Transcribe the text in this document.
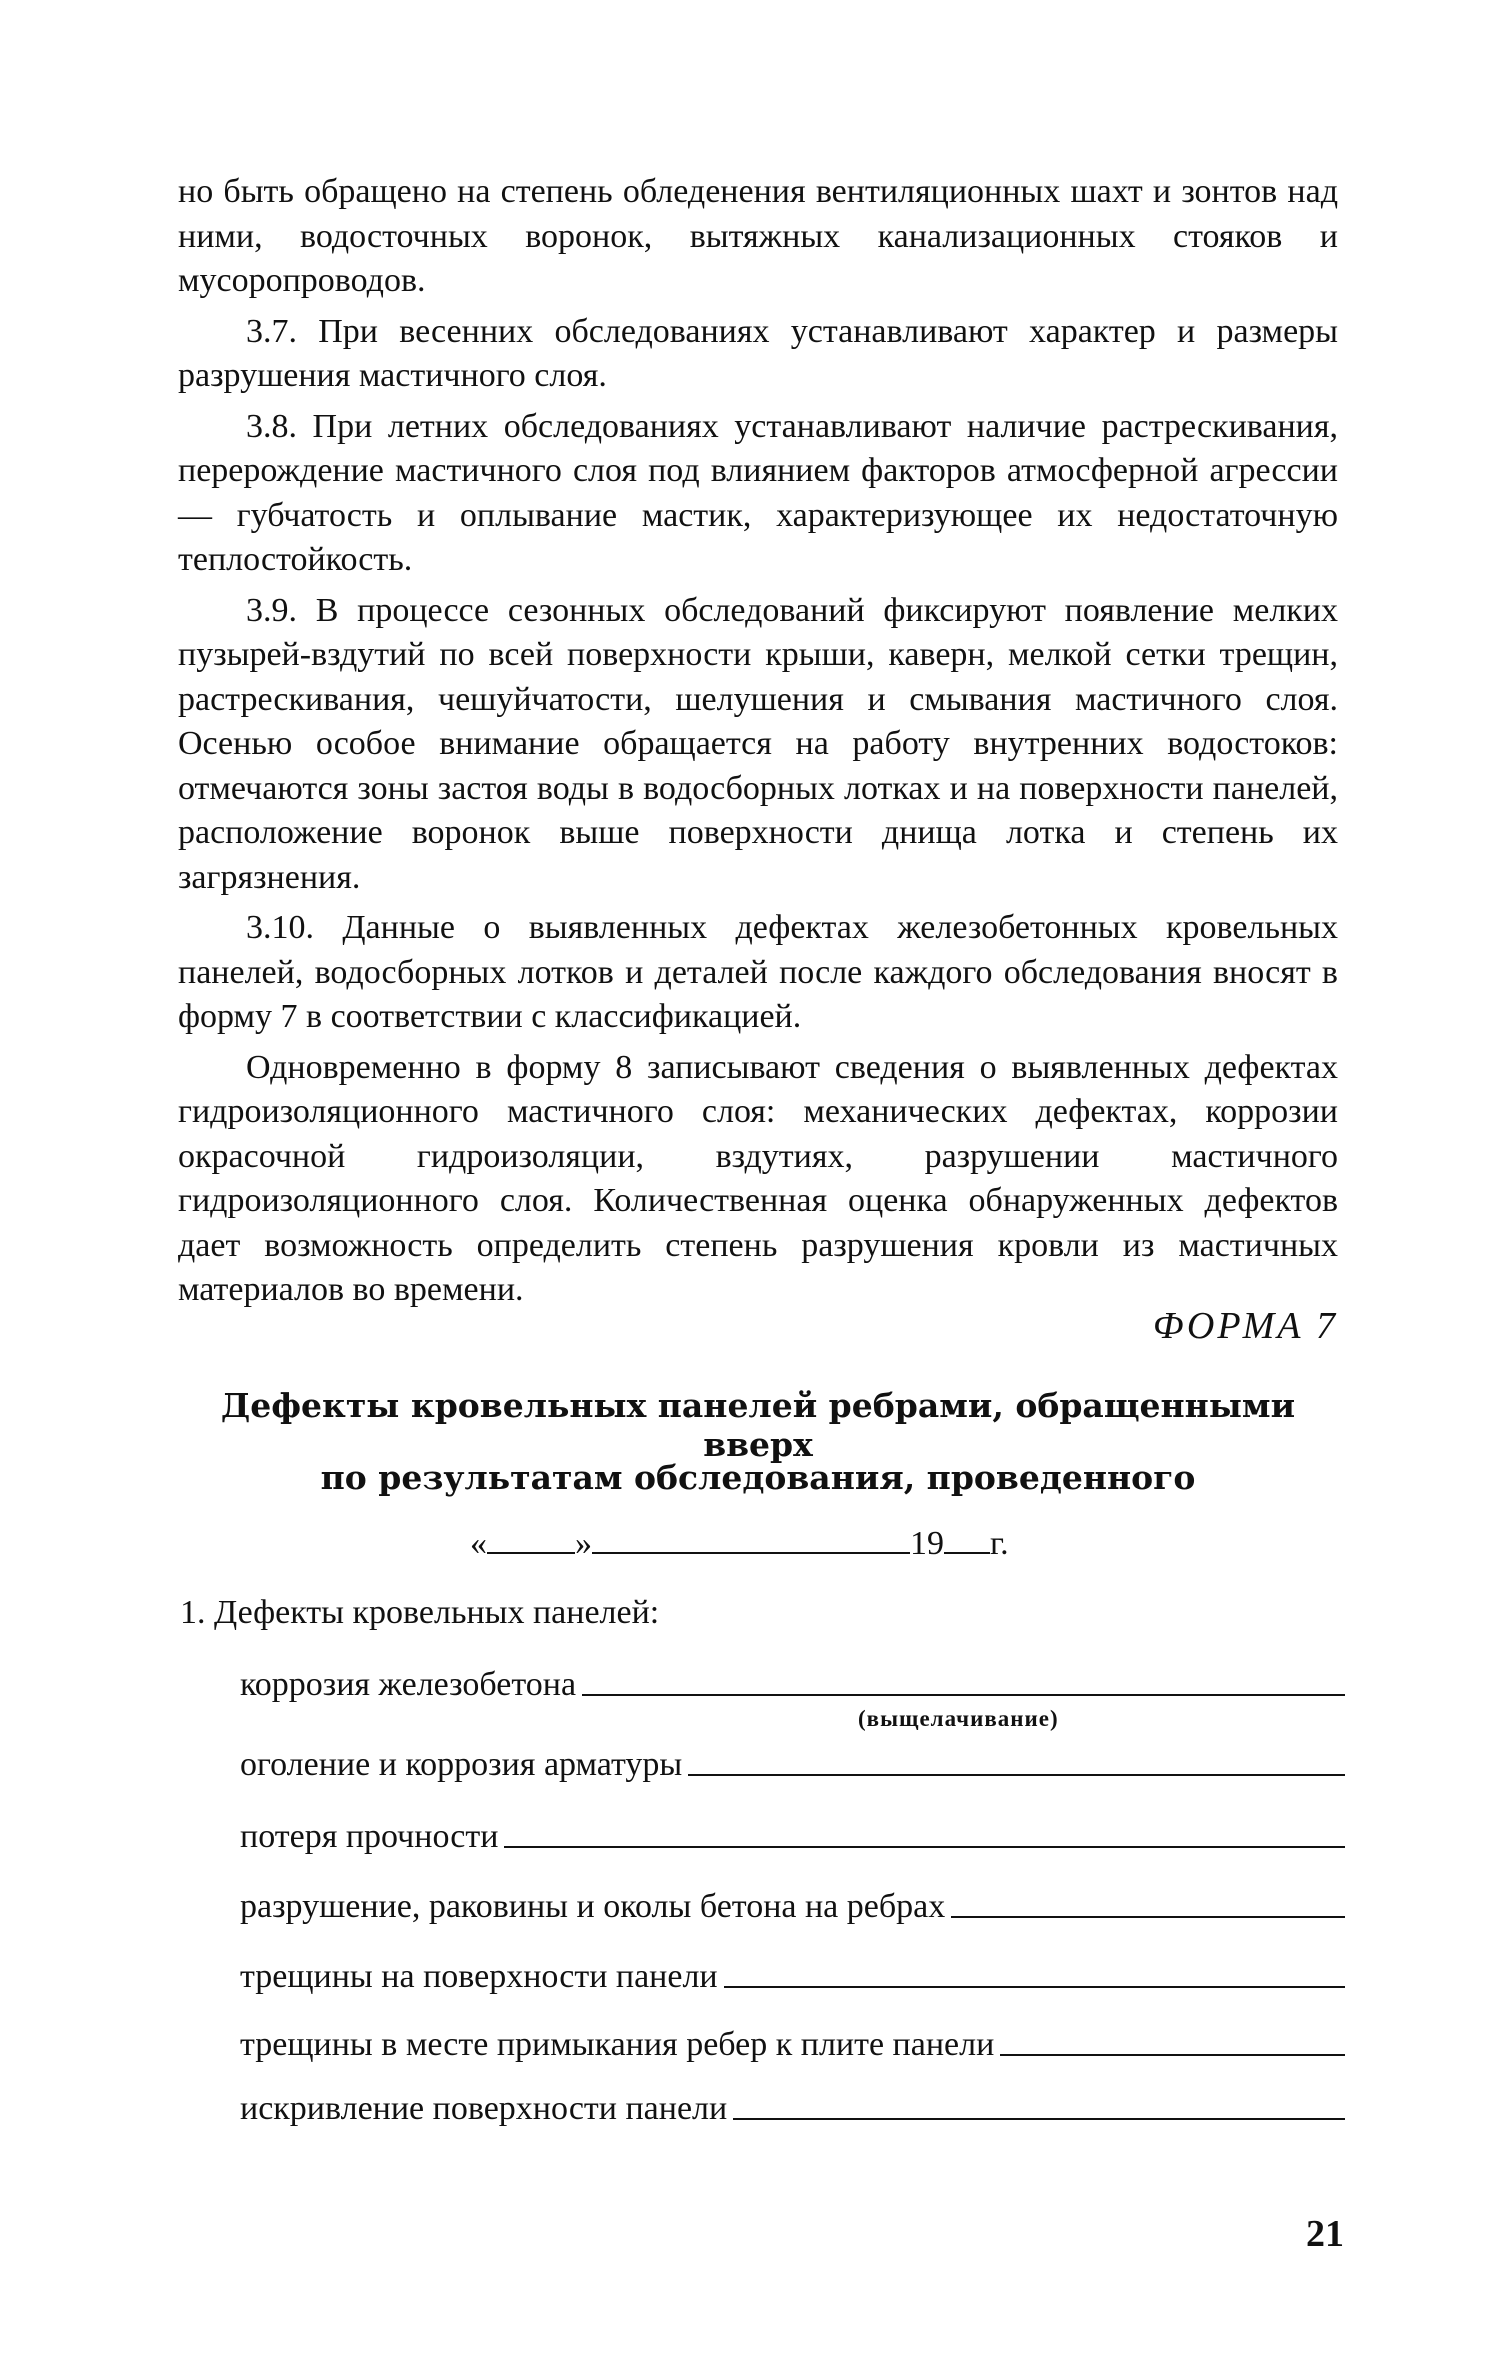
но быть обращено на степень обледенения вентиляционных шахт и зонтов над ними, водосточных воронок, вытяжных канализационных стояков и мусоропроводов.

3.7. При весенних обследованиях устанавливают характер и размеры разрушения мастичного слоя.

3.8. При летних обследованиях устанавливают наличие растрескивания, перерождение мастичного слоя под влиянием факторов атмосферной агрессии — губчатость и оплывание мастик, характеризующее их недостаточную теплостойкость.

3.9. В процессе сезонных обследований фиксируют появление мелких пузырей-вздутий по всей поверхности крыши, каверн, мелкой сетки трещин, растрескивания, чешуйчатости, шелушения и смывания мастичного слоя. Осенью особое внимание обращается на работу внутренних водостоков: отмечаются зоны застоя воды в водосборных лотках и на поверхности панелей, расположение воронок выше поверхности днища лотка и степень их загрязнения.

3.10. Данные о выявленных дефектах железобетонных кровельных панелей, водосборных лотков и деталей после каждого обследования вносят в форму 7 в соответствии с классификацией.

Одновременно в форму 8 записывают сведения о выявленных дефектах гидроизоляционного мастичного слоя: механических дефектах, коррозии окрасочной гидроизоляции, вздутиях, разрушении мастичного гидроизоляционного слоя. Количественная оценка обнаруженных дефектов дает возможность определить степень разрушения кровли из мастичных материалов во времени.

ФОРМА 7
Дефекты кровельных панелей ребрами, обращенными вверх
по результатам обследования, проведенного
«	»	19 г.
1. Дефекты кровельных панелей:
коррозия железобетона
(выщелачивание)
оголение и коррозия арматуры
потеря прочности
разрушение, раковины и околы бетона на ребрах
трещины на поверхности панели
трещины в месте примыкания ребер к плите панели
искривление поверхности панели
21
